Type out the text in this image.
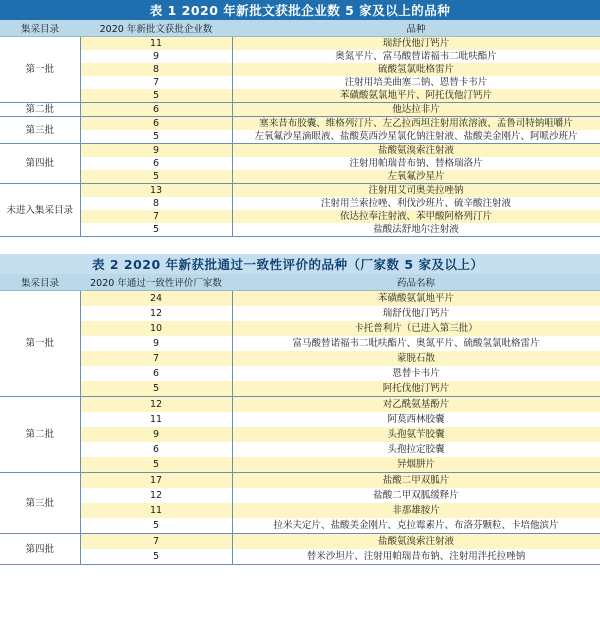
表 1 2020 年新批文获批企业数 5 家及以上的品种
集采目录	2020 年新批文获批企业数	品种
第一批	11	瑞舒伐他汀钙片
	9	奥氮平片、富马酸替诺福韦二吡呋酯片
	8	硫酸氢氯吡格雷片
	7	注射用培美曲塞二钠、恩替卡韦片
	5	苯磺酸氨氯地平片、阿托伐他汀钙片
第二批	6	他达拉非片
第三批	6	塞来昔布胶囊、维格列汀片、左乙拉西坦注射用浓溶液、孟鲁司特钠咀嚼片
	5	左氧氟沙星滴眼液、盐酸莫西沙星氯化钠注射液、盐酸美金刚片、阿哌沙班片
第四批	9	盐酸氨溴索注射液
	6	注射用帕瑞昔布钠、替格瑞洛片
	5	左氧氟沙星片
未进入集采目录	13	注射用艾司奥美拉唑钠
	8	注射用兰索拉唑、利伐沙班片、硫辛酸注射液
	7	依达拉奉注射液、苯甲酸阿格列汀片
	5	盐酸法舒地尔注射液
表 2 2020 年新获批通过一致性评价的品种（厂家数 5 家及以上）
集采目录	2020 年通过一致性评价厂家数	药品名称
第一批	24	苯磺酸氨氯地平片
	12	瑞舒伐他汀钙片
	10	卡托普利片（已进入第三批）
	9	富马酸替诺福韦二吡呋酯片、奥氮平片、硫酸氢氯吡格雷片
	7	蒙脱石散
	6	恩替卡韦片
	5	阿托伐他汀钙片
第二批	12	对乙酰氨基酚片
	11	阿莫西林胶囊
	9	头孢氨苄胶囊
	6	头孢拉定胶囊
	5	异烟肼片
第三批	17	盐酸二甲双胍片
	12	盐酸二甲双胍缓释片
	11	非那雄胺片
	5	拉米夫定片、盐酸美金刚片、克拉霉素片、布洛芬颗粒、卡培他滨片
第四批	7	盐酸氨溴索注射液
	5	替米沙坦片、注射用帕瑞昔布钠、注射用泮托拉唑钠
